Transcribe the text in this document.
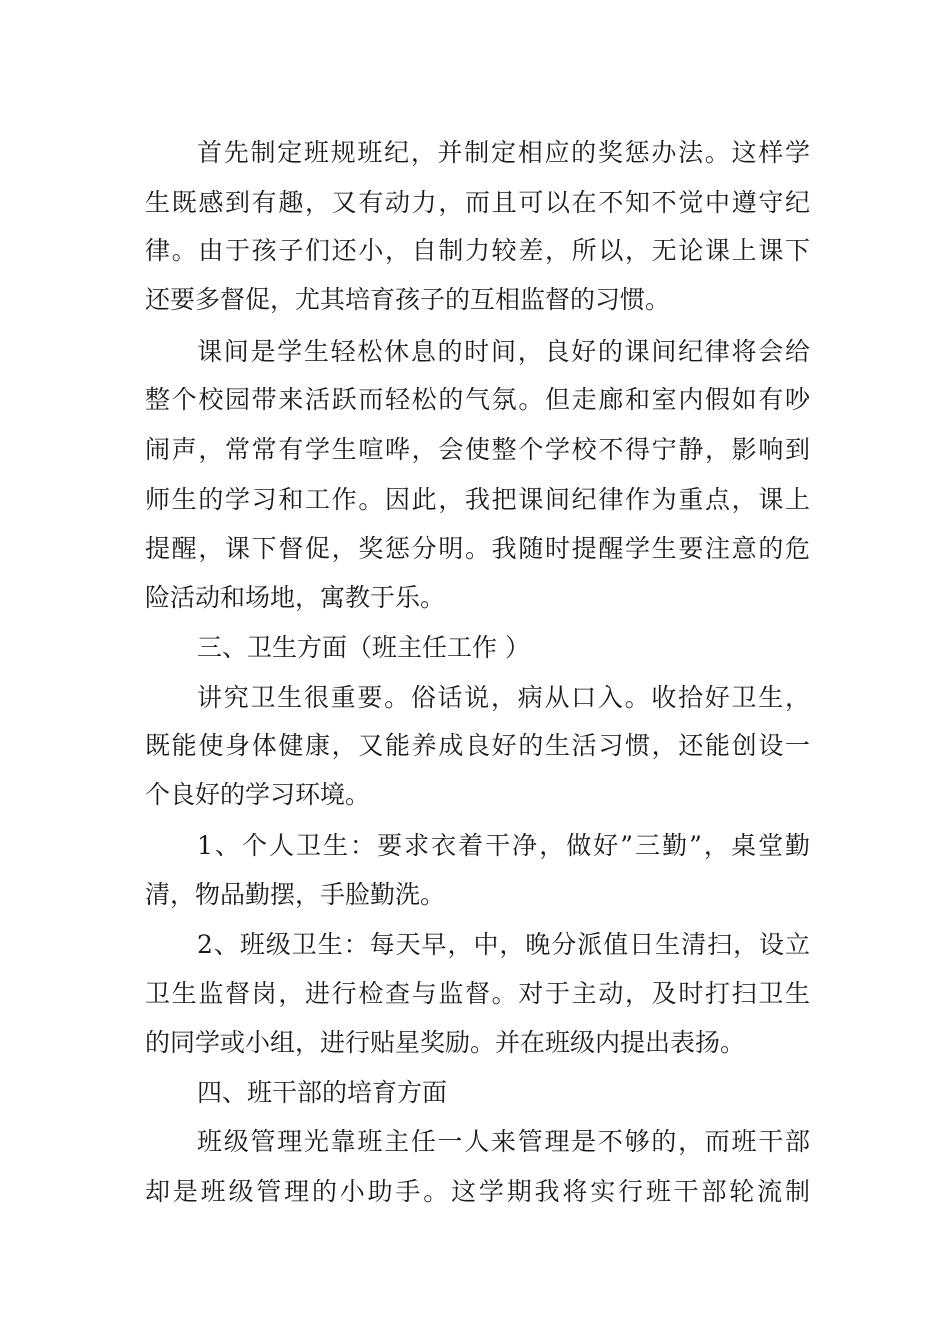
首先制定班规班纪，并制定相应的奖惩办法。这样学
生既感到有趣，又有动力，而且可以在不知不觉中遵守纪
律。由于孩子们还小，自制力较差，所以，无论课上课下
还要多督促，尤其培育孩子的互相监督的习惯。
课间是学生轻松休息的时间，良好的课间纪律将会给
整个校园带来活跃而轻松的气氛。但走廊和室内假如有吵
闹声，常常有学生喧哗，会使整个学校不得宁静，影响到
师生的学习和工作。因此，我把课间纪律作为重点，课上
提醒，课下督促，奖惩分明。我随时提醒学生要注意的危
险活动和场地，寓教于乐。
三、卫生方面（班主任工作 ）
讲究卫生很重要。俗话说，病从口入。收拾好卫生，
既能使身体健康，又能养成良好的生活习惯，还能创设一
个良好的学习环境。
1、个人卫生：要求衣着干净，做好”三勤”，桌堂勤
清，物品勤摆，手脸勤洗。
2、班级卫生：每天早，中，晚分派值日生清扫，设立
卫生监督岗，进行检查与监督。对于主动，及时打扫卫生
的同学或小组，进行贴星奖励。并在班级内提出表扬。
四、班干部的培育方面
班级管理光靠班主任一人来管理是不够的，而班干部
却是班级管理的小助手。这学期我将实行班干部轮流制
